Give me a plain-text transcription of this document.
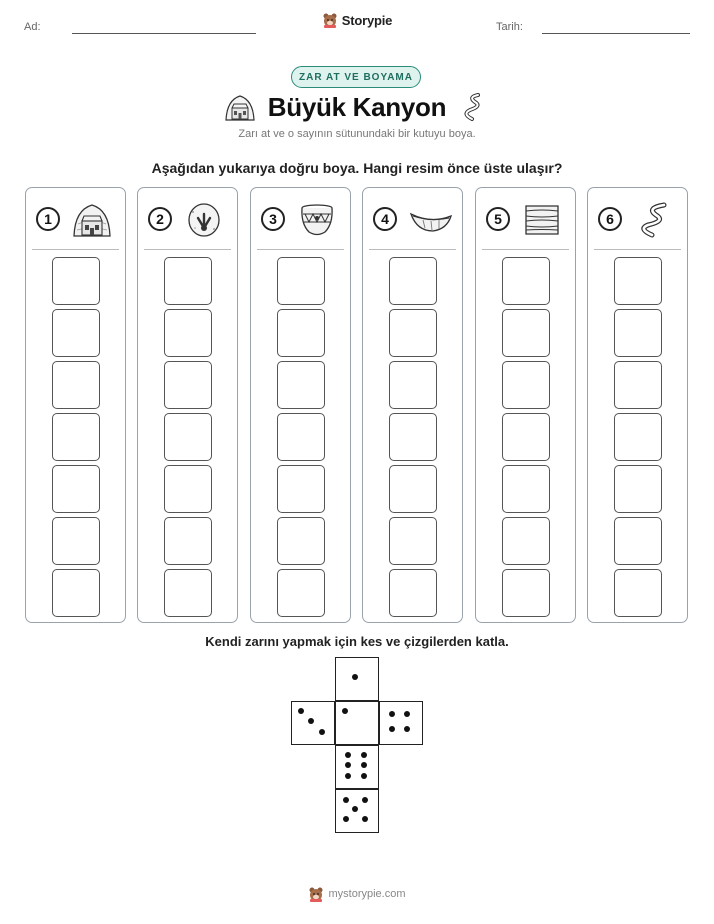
Ad:	Storypie	Tarih:
ZAR AT VE BOYAMA
Büyük Kanyon
Zarı at ve o sayının sütunundaki bir kutuyu boya.
Aşağıdan yukarıya doğru boya. Hangi resim önce üste ulaşır?
1	2	3	4	5	6
Kendi zarını yapmak için kes ve çizgilerden katla.
mystorypie.com
